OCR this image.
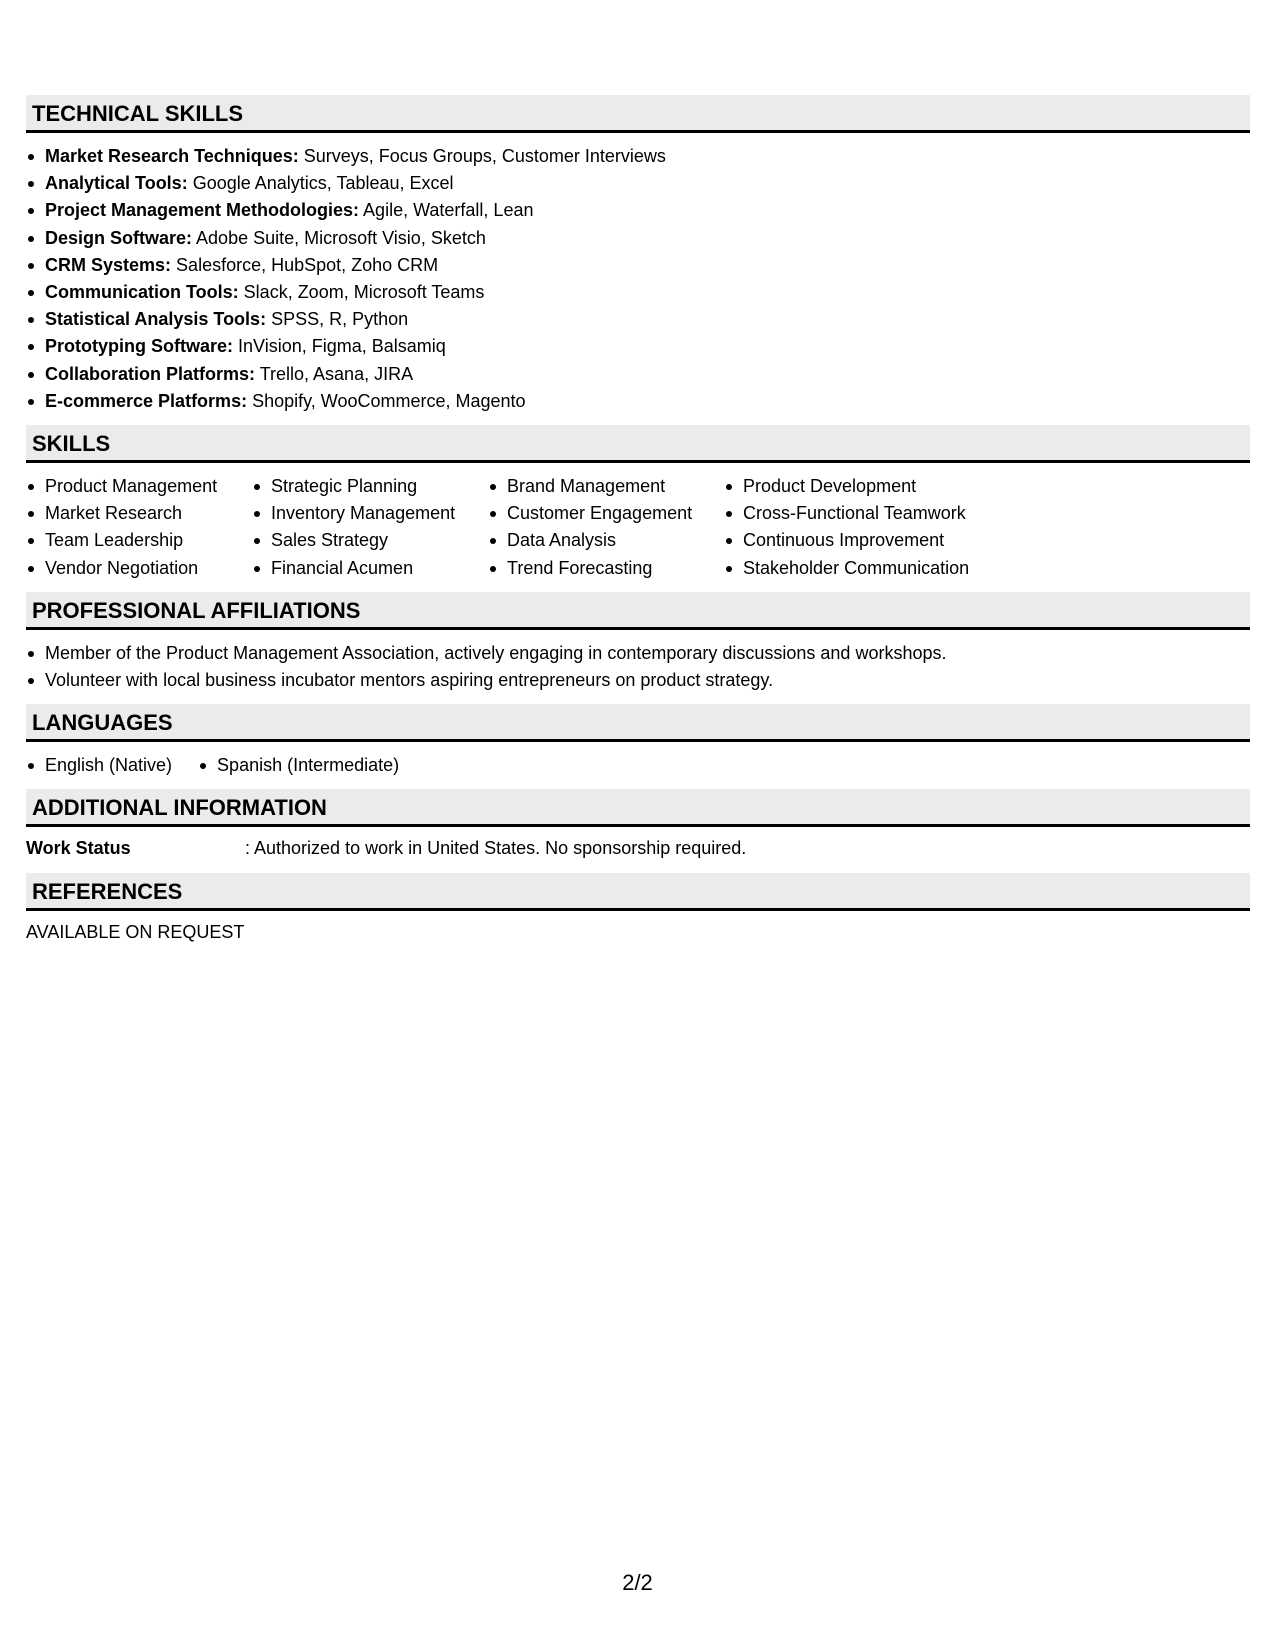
TECHNICAL SKILLS
Market Research Techniques: Surveys, Focus Groups, Customer Interviews
Analytical Tools: Google Analytics, Tableau, Excel
Project Management Methodologies: Agile, Waterfall, Lean
Design Software: Adobe Suite, Microsoft Visio, Sketch
CRM Systems: Salesforce, HubSpot, Zoho CRM
Communication Tools: Slack, Zoom, Microsoft Teams
Statistical Analysis Tools: SPSS, R, Python
Prototyping Software: InVision, Figma, Balsamiq
Collaboration Platforms: Trello, Asana, JIRA
E-commerce Platforms: Shopify, WooCommerce, Magento
SKILLS
Product Management
Market Research
Team Leadership
Vendor Negotiation
Strategic Planning
Inventory Management
Sales Strategy
Financial Acumen
Brand Management
Customer Engagement
Data Analysis
Trend Forecasting
Product Development
Cross-Functional Teamwork
Continuous Improvement
Stakeholder Communication
PROFESSIONAL AFFILIATIONS
Member of the Product Management Association, actively engaging in contemporary discussions and workshops.
Volunteer with local business incubator mentors aspiring entrepreneurs on product strategy.
LANGUAGES
English (Native)	Spanish (Intermediate)
ADDITIONAL INFORMATION
Work Status	: Authorized to work in United States. No sponsorship required.
REFERENCES
AVAILABLE ON REQUEST
2/2
